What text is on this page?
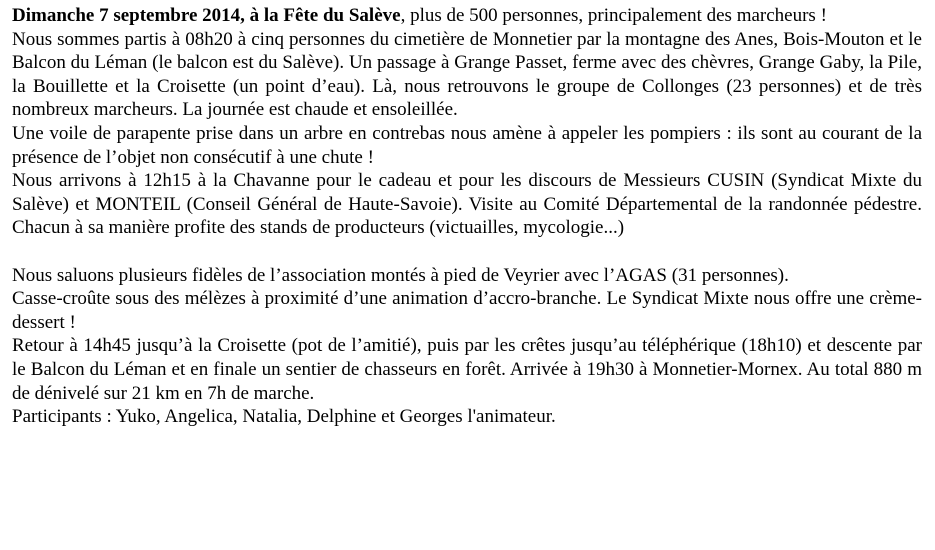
Dimanche 7 septembre 2014, à la Fête du Salève, plus de 500 personnes, principalement des marcheurs !

Nous sommes partis à 08h20 à cinq personnes du cimetière de Monnetier par la montagne des Anes, Bois-Mouton et le Balcon du Léman (le balcon est du Salève). Un passage à Grange Passet, ferme avec des chèvres, Grange Gaby, la Pile, la Bouillette et la Croisette (un point d’eau). Là, nous retrouvons le groupe de Collonges (23 personnes) et de très nombreux marcheurs. La journée est chaude et ensoleillée.

Une voile de parapente prise dans un arbre en contrebas nous amène à appeler les pompiers : ils sont au courant de la présence de l’objet non consécutif à une chute !

Nous arrivons à 12h15 à la Chavanne pour le cadeau et pour les discours de Messieurs CUSIN (Syndicat Mixte du Salève) et MONTEIL (Conseil Général de Haute-Savoie). Visite au Comité Départemental de la randonnée pédestre. Chacun à sa manière profite des stands de producteurs (victuailles, mycologie...)

Nous saluons plusieurs fidèles de l’association montés à pied de Veyrier avec l’AGAS (31 personnes).

Casse-croûte sous des mélèzes à proximité d’une animation d’accro-branche. Le Syndicat Mixte nous offre une crème-dessert !

Retour à 14h45 jusqu’à la Croisette (pot de l’amitié), puis par les crêtes jusqu’au téléphérique (18h10) et descente par le Balcon du Léman et en finale un sentier de chasseurs en forêt. Arrivée à 19h30 à Monnetier-Mornex. Au total 880 m de dénivelé sur 21 km en 7h de marche.

Participants : Yuko, Angelica, Natalia, Delphine et Georges l'animateur.
